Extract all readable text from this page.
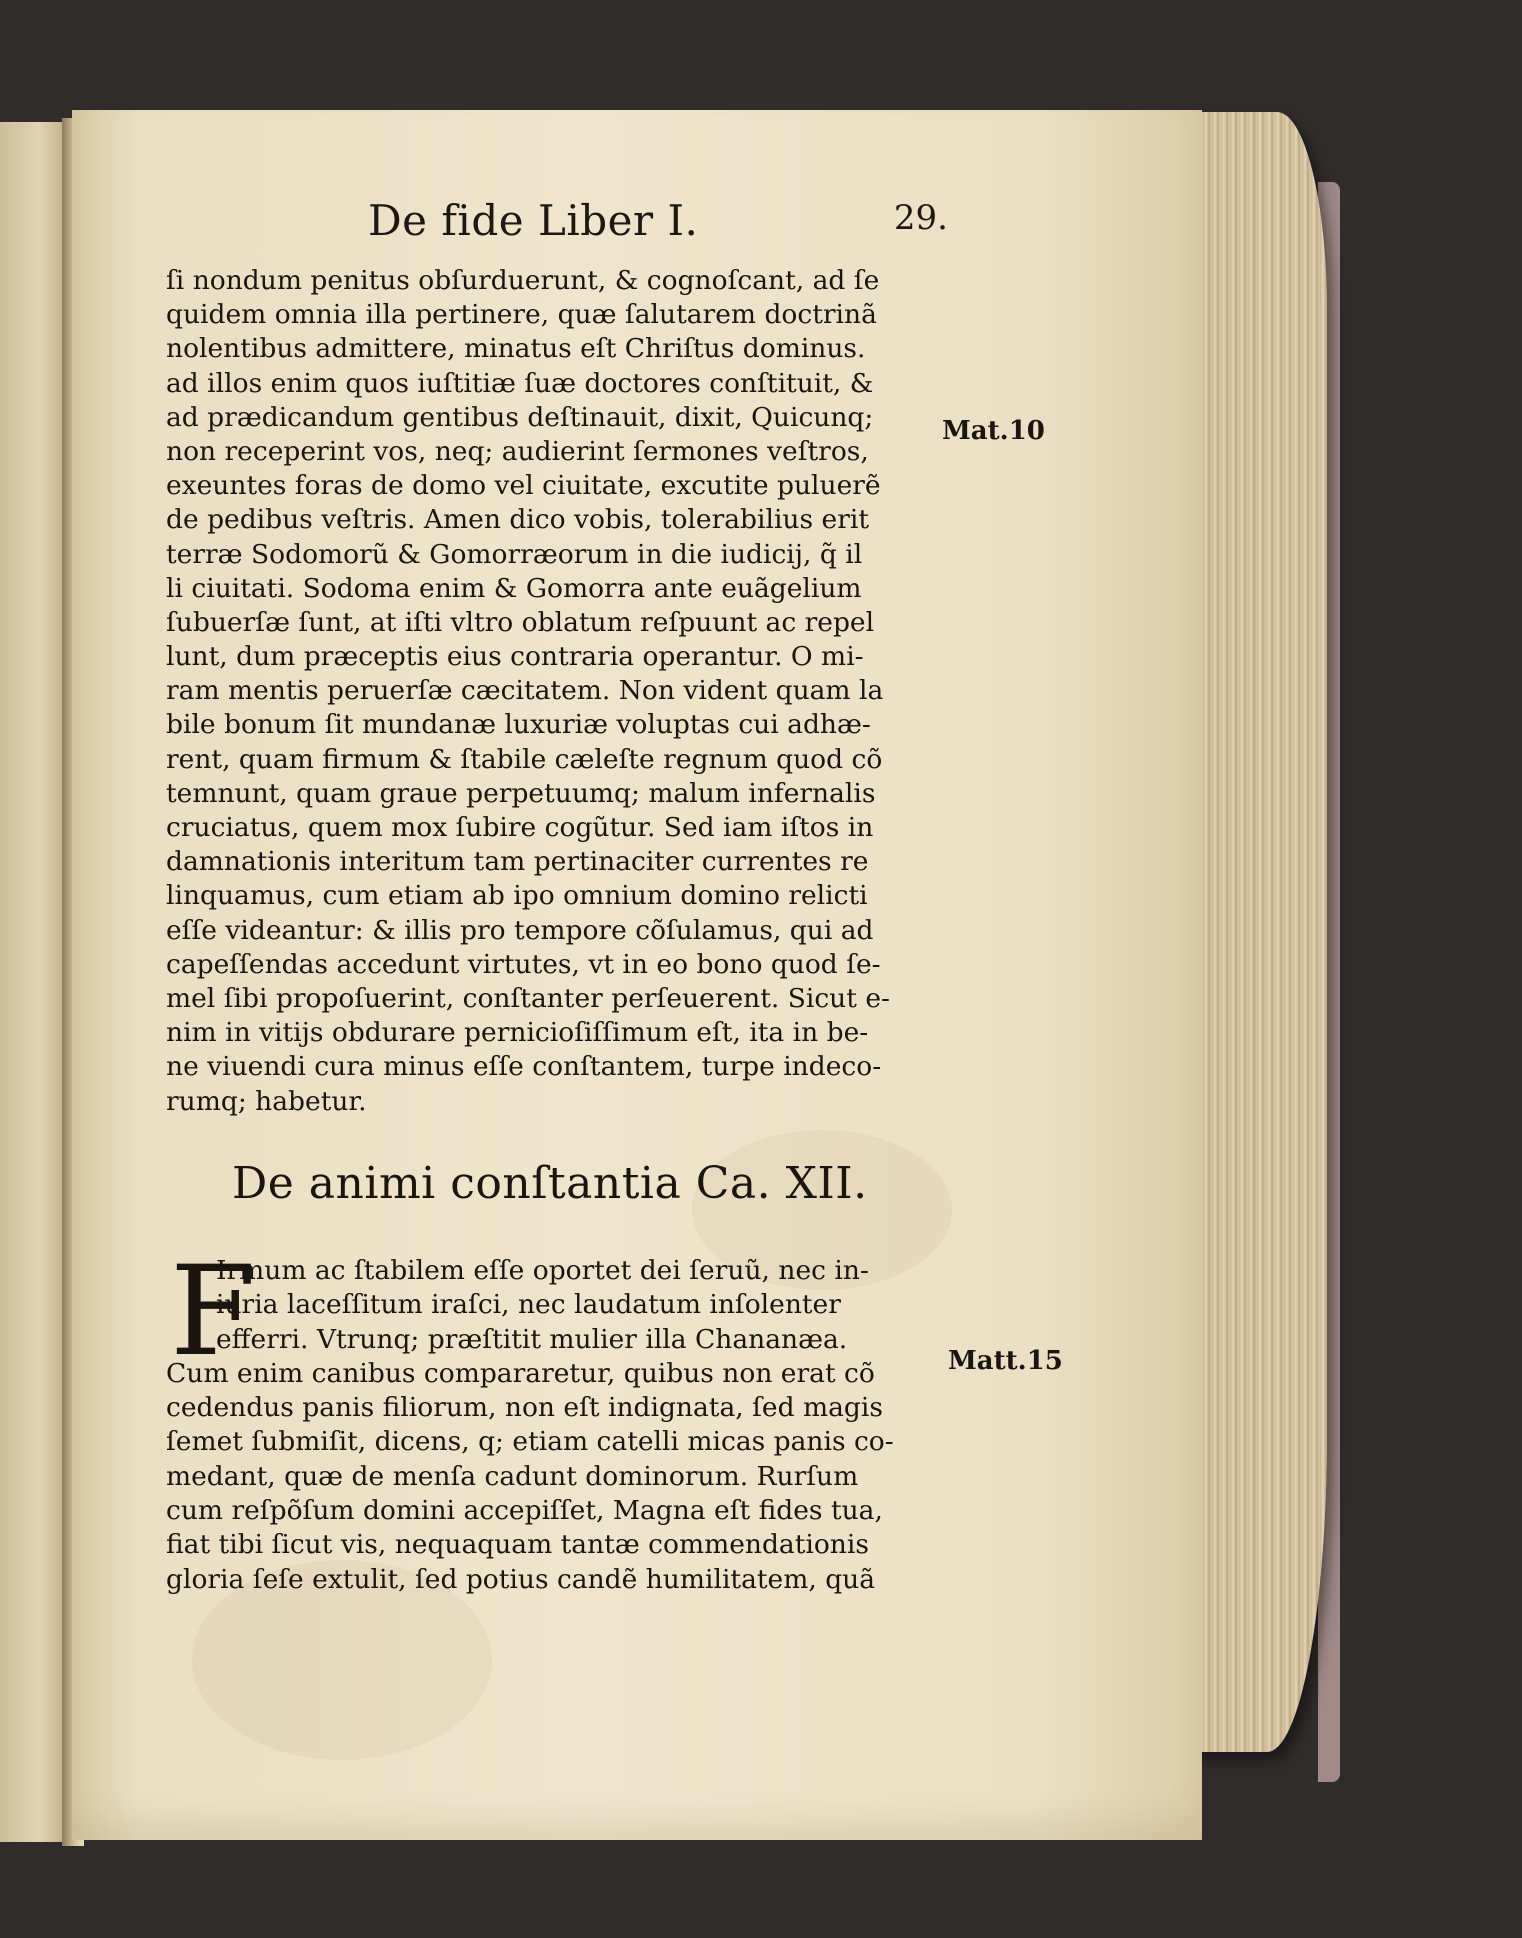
De fide Liber I.	29.
ſi nondum penitus obſurduerunt, & cognoſcant, ad ſe
quidem omnia illa pertinere, quæ ſalutarem doctrinã
nolentibus admittere, minatus eſt Chriſtus dominus.
ad illos enim quos iuſtitiæ ſuæ doctores conſtituit, &
ad prædicandum gentibus deſtinauit, dixit, Quicunq;
non receperint vos, neq; audierint ſermones veſtros,
exeuntes foras de domo vel ciuitate, excutite puluerẽ
de pedibus veſtris. Amen dico vobis, tolerabilius erit
terræ Sodomorũ & Gomorræorum in die iudicij, q̃ il
li ciuitati. Sodoma enim & Gomorra ante euãgelium
ſubuerſæ ſunt, at iſti vltro oblatum reſpuunt ac repel
lunt, dum præceptis eius contraria operantur. O mi-
ram mentis peruerſæ cæcitatem. Non vident quam la
bile bonum ſit mundanæ luxuriæ voluptas cui adhæ-
rent, quam firmum & ſtabile cæleſte regnum quod cõ
temnunt, quam graue perpetuumq; malum infernalis
cruciatus, quem mox ſubire cogũtur. Sed iam iſtos in
damnationis interitum tam pertinaciter currentes re
linquamus, cum etiam ab ipo omnium domino relicti
eſſe videantur: & illis pro tempore cõſulamus, qui ad
capeſſendas accedunt virtutes, vt in eo bono quod ſe-
mel ſibi propoſuerint, conſtanter perſeuerent. Sicut e-
nim in vitijs obdurare pernicioſiſſimum eſt, ita in be-
ne viuendi cura minus eſſe conſtantem, turpe indeco-
rumq; habetur.
Mat.10
Matt.15
De animi conſtantia Ca. XII.
F
Irmum ac ſtabilem eſſe oportet dei ſeruũ, nec in-
iuria laceſſitum iraſci, nec laudatum inſolenter
efferri. Vtrunq; præſtitit mulier illa Chananæa.
Cum enim canibus compararetur, quibus non erat cõ
cedendus panis filiorum, non eſt indignata, ſed magis
ſemet ſubmiſit, dicens, q; etiam catelli micas panis co-
medant, quæ de menſa cadunt dominorum. Rurſum
cum reſpõſum domini accepiſſet, Magna eſt fides tua,
fiat tibi ſicut vis, nequaquam tantæ commendationis
gloria ſeſe extulit, ſed potius candẽ humilitatem, quã
